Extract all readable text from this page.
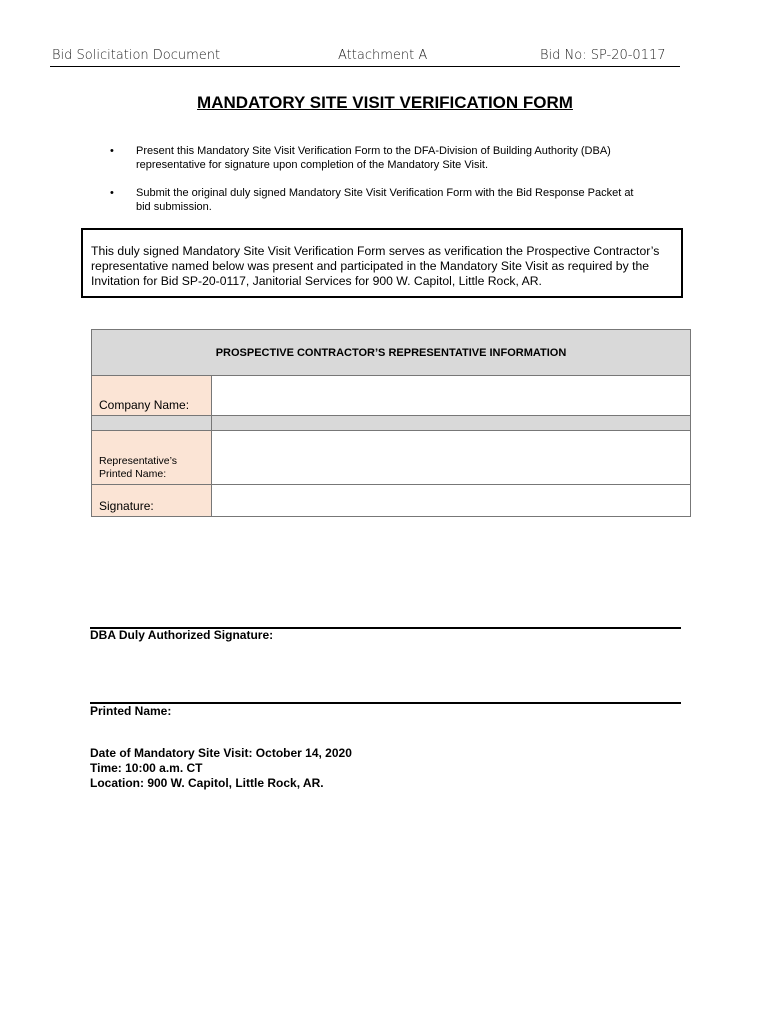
Bid Solicitation Document	Attachment A	Bid No: SP-20-0117
MANDATORY SITE VISIT VERIFICATION FORM
• Present this Mandatory Site Visit Verification Form to the DFA-Division of Building Authority (DBA)
representative for signature upon completion of the Mandatory Site Visit.
• Submit the original duly signed Mandatory Site Visit Verification Form with the Bid Response Packet at
bid submission.
This duly signed Mandatory Site Visit Verification Form serves as verification the Prospective Contractor’s
representative named below was present and participated in the Mandatory Site Visit as required by the
Invitation for Bid SP-20-0117, Janitorial Services for 900 W. Capitol, Little Rock, AR.
PROSPECTIVE CONTRACTOR’S REPRESENTATIVE INFORMATION	
Company Name:	

Representative’s
Printed Name:	

Signature:	
DBA Duly Authorized Signature:
Printed Name:
Date of Mandatory Site Visit: October 14, 2020
Time: 10:00 a.m. CT
Location: 900 W. Capitol, Little Rock, AR.
